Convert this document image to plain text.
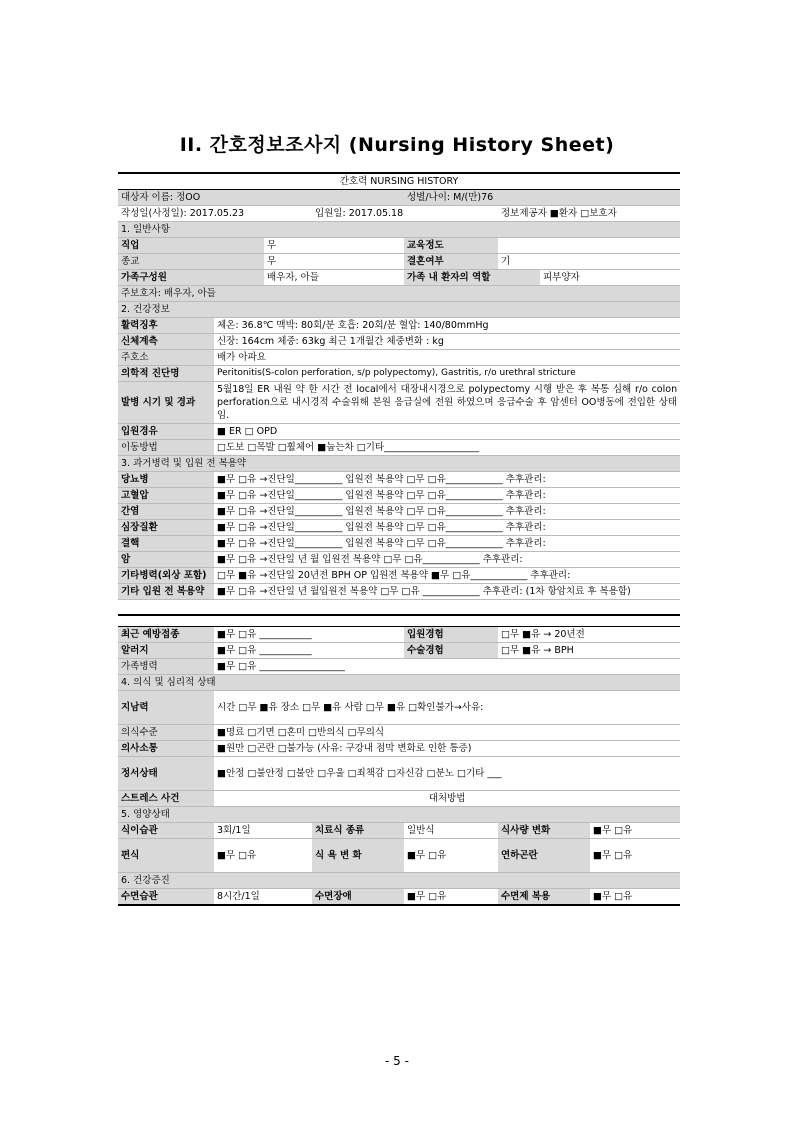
II. 간호정보조사지 (Nursing History Sheet)
간호력 NURSING HISTORY							
대상자 이름: 정OO				성별/나이: M/(만)76			
작성일(사정일): 2017.05.23			입원일: 2017.05.18		정보제공자 ■환자 □보호자		
1. 일반사항							
직업		무		교육정도			
종교		무		결혼여부	기		
가족구성원		배우자, 아들		가족 내 환자의 역할		피부양자	
주보호자: 배우자, 아들							
2. 건강정보							
활력징후	체온: 36.8℃ 맥박: 80회/분 호흡: 20회/분 혈압: 140/80mmHg						
신체계측	신장: 164cm 체중: 63kg 최근 1개월간 체중변화 : kg						
주호소	배가 아파요						
의학적 진단명	Peritonitis(S-colon perforation, s/p polypectomy), Gastritis, r/o urethral stricture						
발병 시기 및 경과	5월18일 ER 내원 약 한 시간 전 local에서 대장내시경으로 polypectomy 시행 받은 후 복통 심해 r/o colon perforation으로 내시경적 수술위해 본원 응급실에 전원 하였으며 응급수술 후 암센터 OO병동에 전입한 상태임.						
입원경유	■ ER □ OPD						
이동방법	□도보 □목발 □휠체어 ■눕는차 □기타____________________						
3. 과거병력 및 입원 전 복용약							
당뇨병	■무 □유 →진단일__________ 입원전 복용약 □무 □유____________ 추후관리:						
고혈압	■무 □유 →진단일__________ 입원전 복용약 □무 □유____________ 추후관리:						
간염	■무 □유 →진단일__________ 입원전 복용약 □무 □유____________ 추후관리:						
심장질환	■무 □유 →진단일__________ 입원전 복용약 □무 □유____________ 추후관리:						
결핵	■무 □유 →진단일__________ 입원전 복용약 □무 □유____________ 추후관리:						
암	■무 □유 →진단일 년 월 입원전 복용약 □무 □유____________ 추후관리:						
기타병력(외상 포함)	□무 ■유 →진단일 20년전 BPH OP 입원전 복용약 ■무 □유____________ 추후관리:						
기타 입원 전 복용약	■무 □유 →진단일 년 월입원전 복용약 □무 □유 ____________ 추후관리: (1차 항암치료 후 복용함)						

최근 예방접종	■무 □유 ___________			입원경험	□무 ■유 → 20년전		
알러지	■무 □유 ___________			수술경험	□무 ■유 → BPH		
가족병력	■무 □유 __________________						
4. 의식 및 심리적 상태							
지남력	시간 □무 ■유 장소 □무 ■유 사람 □무 ■유 □확인불가→사유:						
의식수준	■명료 □기면 □혼미 □반의식 □무의식						
의사소통	■원만 □곤란 □불가능 (사유: 구강내 점막 변화로 인한 통증)						
정서상태	■안정 □불안정 □불안 □우울 □죄책감 □자신감 □분노 □기타 ___						
스트레스 사건	대처방법						
5. 영양상태							
식이습관	3회/1일		치료식 종류	일반식	식사량 변화		■무 □유
편식	■무 □유		식 욕 변 화	■무 □유	연하곤란		■무 □유
6. 건강증진							
수면습관	8시간/1일		수면장애	■무 □유	수면제 복용		■무 □유
- 5 -
